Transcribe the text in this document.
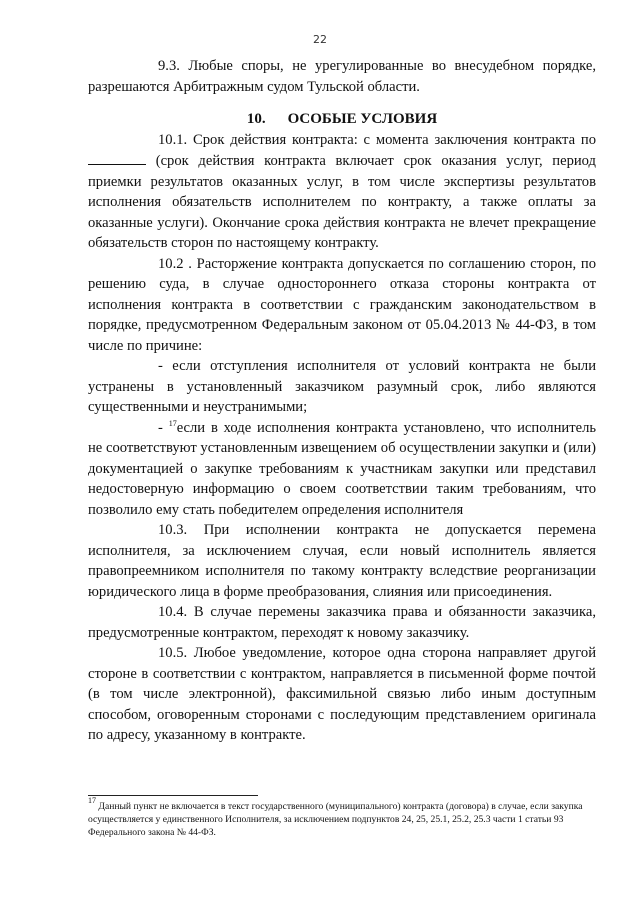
22

9.3. Любые споры, не урегулированные во внесудебном порядке, разрешаются Арбитражным судом Тульской области.

10. ОСОБЫЕ УСЛОВИЯ

10.1. Срок действия контракта: с момента заключения контракта по  (срок действия контракта включает срок оказания услуг, период приемки результатов оказанных услуг, в том числе экспертизы результатов исполнения обязательств исполнителем по контракту, а также оплаты за оказанные услуги). Окончание срока действия контракта не влечет прекращение обязательств сторон по настоящему контракту.

10.2 . Расторжение контракта допускается по соглашению сторон, по решению суда, в случае одностороннего отказа стороны контракта от исполнения контракта в соответствии с гражданским законодательством в порядке, предусмотренном Федеральным законом от 05.04.2013 № 44-ФЗ, в том числе по причине:

- если отступления исполнителя от условий контракта не были устранены в установленный заказчиком разумный срок, либо являются существенными и неустранимыми;

- $^{17}$если в ходе исполнения контракта установлено, что исполнитель не соответствуют установленным извещением об осуществлении закупки и (или) документацией о закупке требованиям к участникам закупки или представил недостоверную информацию о своем соответствии таким требованиям, что позволило ему стать победителем определения исполнителя

10.3. При исполнении контракта не допускается перемена исполнителя, за исключением случая, если новый исполнитель является правопреемником исполнителя по такому контракту вследствие реорганизации юридического лица в форме преобразования, слияния или присоединения.

10.4. В случае перемены заказчика права и обязанности заказчика, предусмотренные контрактом, переходят к новому заказчику.

10.5. Любое уведомление, которое одна сторона направляет другой стороне в соответствии с контрактом, направляется в письменной форме почтой (в том числе электронной), факсимильной связью либо иным доступным способом, оговоренным сторонами с последующим представлением оригинала по адресу, указанному в контракте.

$^{17}$ Данный пункт не включается в текст государственного (муниципального) контракта (договора) в случае, если закупка осуществляется у единственного Исполнителя, за исключением подпунктов 24, 25, 25.1, 25.2, 25.3 части 1 статьи 93 Федерального закона № 44-ФЗ.
